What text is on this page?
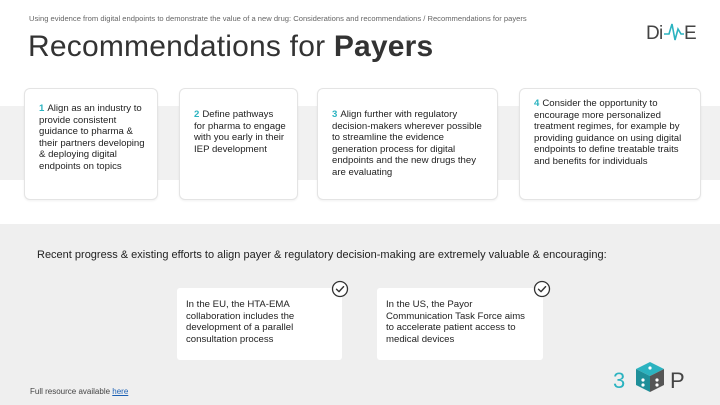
Using evidence from digital endpoints to demonstrate the value of a new drug: Considerations and recommendations / Recommendations for payers
Recommendations for Payers	D i E
1 Align as an industry to provide consistent guidance to pharma & their partners developing & deploying digital endpoints on topics
2 Define pathways for pharma to engage with you early in their IEP development
3 Align further with regulatory decision-makers wherever possible to streamline the evidence generation process for digital endpoints and the new drugs they are evaluating
4 Consider the opportunity to encourage more personalized treatment regimes, for example by providing guidance on using digital endpoints to define treatable traits and benefits for individuals
Recent progress & existing efforts to align payer & regulatory decision-making are extremely valuable & encouraging:
In the EU, the HTA-EMA collaboration includes the development of a parallel consultation process
In the US, the Payor Communication Task Force aims to accelerate patient access to medical devices
Full resource available here	3 P
